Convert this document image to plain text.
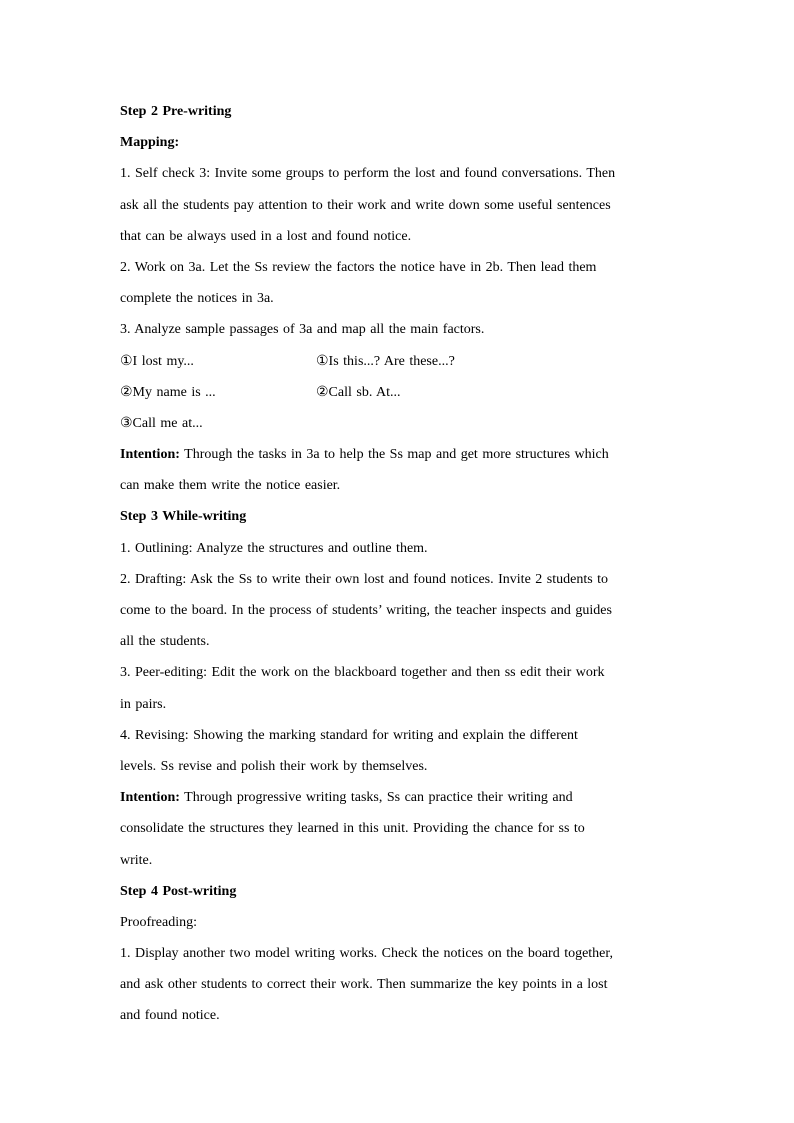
Step 2 Pre-writing
Mapping:
1. Self check 3: Invite some groups to perform the lost and found conversations. Then
ask all the students pay attention to their work and write down some useful sentences
that can be always used in a lost and found notice.
2. Work on 3a. Let the Ss review the factors the notice have in 2b. Then lead them
complete the notices in 3a.
3. Analyze sample passages of 3a and map all the main factors.
①I lost my...	①Is this...? Are these...?
②My name is ...	②Call sb. At...
③Call me at...
Intention: Through the tasks in 3a to help the Ss map and get more structures which
can make them write the notice easier.
Step 3 While-writing
1. Outlining: Analyze the structures and outline them.
2. Drafting: Ask the Ss to write their own lost and found notices. Invite 2 students to
come to the board. In the process of students’ writing, the teacher inspects and guides
all the students.
3. Peer-editing: Edit the work on the blackboard together and then ss edit their work
in pairs.
4. Revising: Showing the marking standard for writing and explain the different
levels. Ss revise and polish their work by themselves.
Intention: Through progressive writing tasks, Ss can practice their writing and
consolidate the structures they learned in this unit. Providing the chance for ss to
write.
Step 4 Post-writing
Proofreading:
1. Display another two model writing works. Check the notices on the board together,
and ask other students to correct their work. Then summarize the key points in a lost
and found notice.
